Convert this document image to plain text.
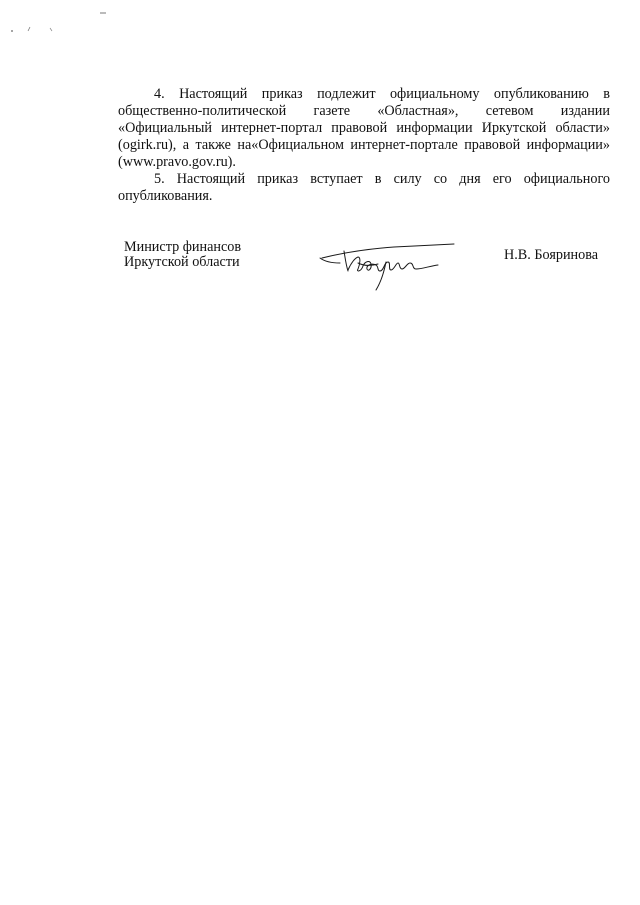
4. Настоящий приказ подлежит официальному опубликованию в общественно-политической газете «Областная», сетевом издании «Официальный интернет-портал правовой информации Иркутской области» (ogirk.ru), а также на«Официальном интернет-портале правовой информации» (www.pravo.gov.ru).

5. Настоящий приказ вступает в силу со дня его официального опубликования.

Министр финансов
Иркутской области	Н.В. Бояринова
